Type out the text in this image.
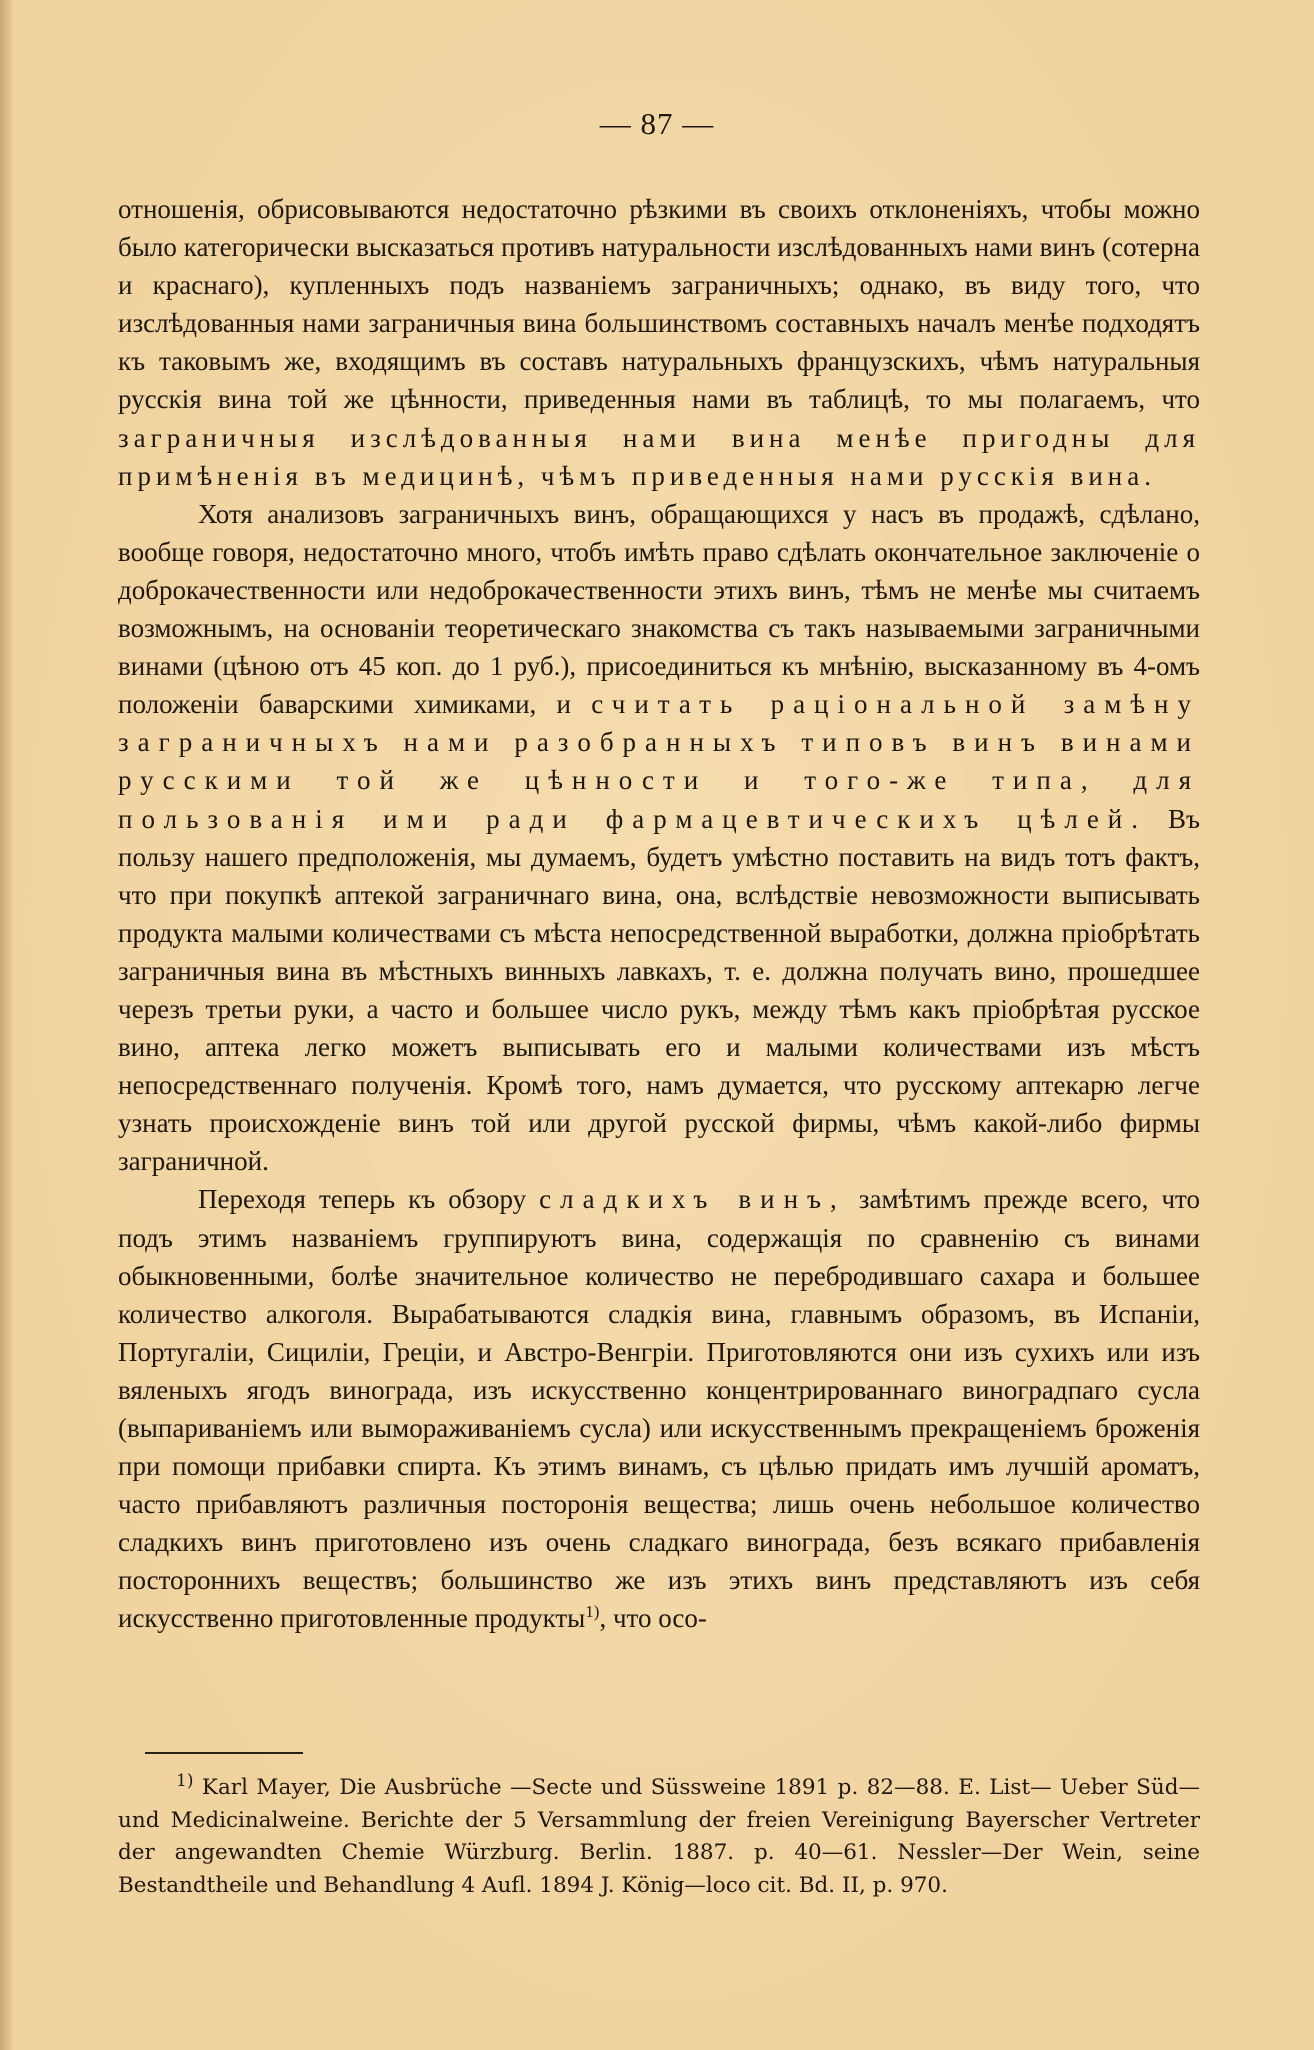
— 87 —

отношенія, обрисовываются недостаточно рѣзкими въ своихъ отклоненіяхъ, чтобы можно было категорически высказаться противъ натуральности изслѣдованныхъ нами винъ (сотерна и краснаго), купленныхъ подъ названіемъ заграничныхъ; однако, въ виду того, что изслѣдованныя нами заграничныя вина большинствомъ составныхъ началъ менѣе подходятъ къ таковымъ же, входящимъ въ составъ натуральныхъ французскихъ, чѣмъ натуральныя русскія вина той же цѣнности, приведенныя нами въ таблицѣ, то мы полагаемъ, что заграничныя изслѣдованныя нами вина менѣе пригодны для примѣненія въ медицинѣ, чѣмъ приведенныя нами русскія вина.

Хотя анализовъ заграничныхъ винъ, обращающихся у насъ въ продажѣ, сдѣлано, вообще говоря, недостаточно много, чтобъ имѣть право сдѣлать окончательное заключеніе о доброкачественности или недоброкачественности этихъ винъ, тѣмъ не менѣе мы считаемъ возможнымъ, на основаніи теоретическаго знакомства съ такъ называемыми заграничными винами (цѣною отъ 45 коп. до 1 руб.), присоединиться къ мнѣнію, высказанному въ 4-омъ положеніи баварскими химиками, и считать раціональной замѣну заграничныхъ нами разобранныхъ типовъ винъ винами русскими той же цѣнности и того-же типа, для пользованія ими ради фармацевтическихъ цѣлей. Въ пользу нашего предположенія, мы думаемъ, будетъ умѣстно поставить на видъ тотъ фактъ, что при покупкѣ аптекой заграничнаго вина, она, вслѣдствіе невозможности выписывать продукта малыми количествами съ мѣста непосредственной выработки, должна пріобрѣтать заграничныя вина въ мѣстныхъ винныхъ лавкахъ, т. е. должна получать вино, прошедшее черезъ третьи руки, а часто и большее число рукъ, между тѣмъ какъ пріобрѣтая русское вино, аптека легко можетъ выписывать его и малыми количествами изъ мѣстъ непосредственнаго полученія. Кромѣ того, намъ думается, что русскому аптекарю легче узнать происхожденіе винъ той или другой русской фирмы, чѣмъ какой-либо фирмы заграничной.

Переходя теперь къ обзору сладкихъ винъ, замѣтимъ прежде всего, что подъ этимъ названіемъ группируютъ вина, содержащія по сравненію съ винами обыкновенными, болѣе значительное количество не перебродившаго сахара и большее количество алкоголя. Вырабатываются сладкія вина, главнымъ образомъ, въ Испаніи, Португаліи, Сициліи, Греціи, и Австро-Венгріи. Приготовляются они изъ сухихъ или изъ вяленыхъ ягодъ винограда, изъ искусственно концентрированнаго виноградпаго сусла (выпариваніемъ или вымораживаніемъ сусла) или искусственнымъ прекращеніемъ броженія при помощи прибавки спирта. Къ этимъ винамъ, съ цѣлью придать имъ лучшій ароматъ, часто прибавляютъ различныя посторонія вещества; лишь очень небольшое количество сладкихъ винъ приготовлено изъ очень сладкаго винограда, безъ всякаго прибавленія постороннихъ веществъ; большинство же изъ этихъ винъ представляютъ изъ себя искусственно приготовленные продукты$^{1)}$, что осо-

$^{1)}$ Karl Mayer, Die Ausbrüche —Secte und Süssweine 1891 p. 82—88. E. List— Ueber Süd—und Medicinalweine. Berichte der 5 Versammlung der freien Vereinigung Bayerscher Vertreter der angewandten Chemie Würzburg. Berlin. 1887. p. 40—61. Nessler—Der Wein, seine Bestandtheile und Behandlung 4 Aufl. 1894 J. König—loco cit. Bd. II, p. 970.
